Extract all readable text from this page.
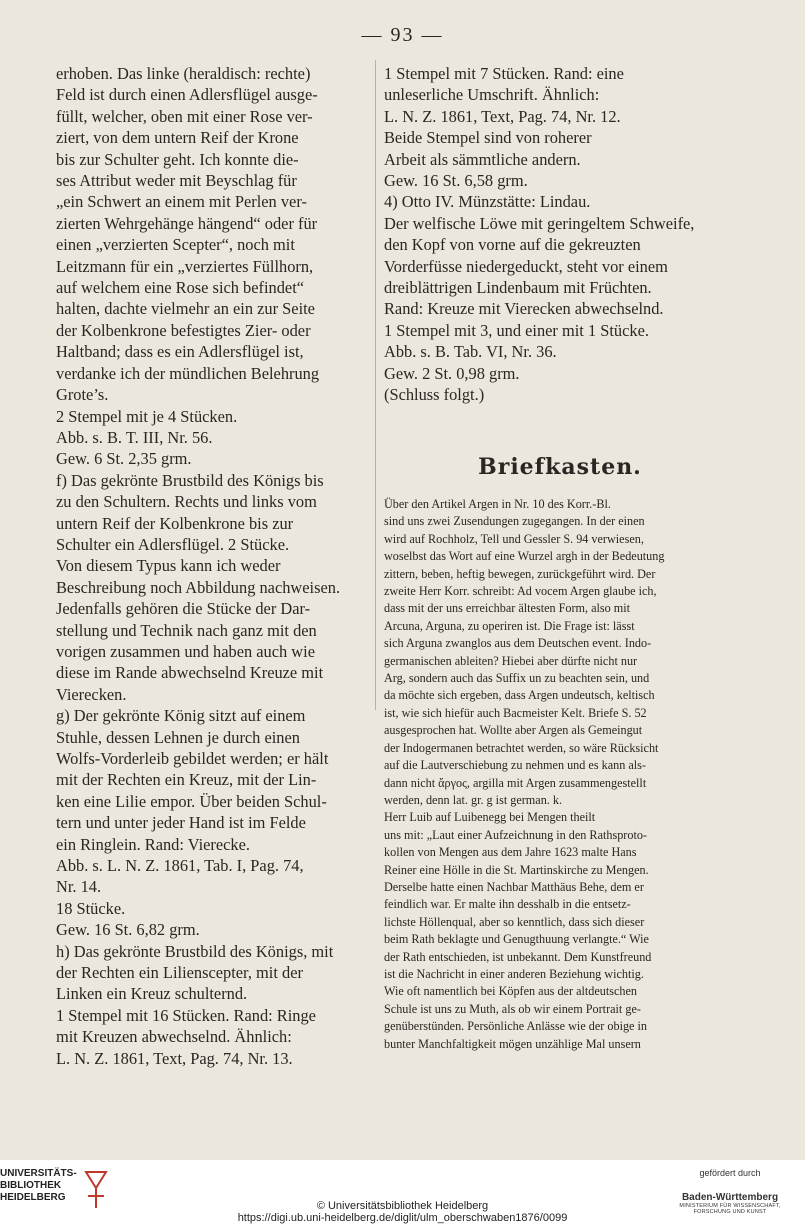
— 93 —
erhoben. Das linke (heraldisch: rechte)
Feld ist durch einen Adlersflügel ausge-
füllt, welcher, oben mit einer Rose ver-
ziert, von dem untern Reif der Krone
bis zur Schulter geht. Ich konnte die-
ses Attribut weder mit Beyschlag für
„ein Schwert an einem mit Perlen ver-
zierten Wehrgehänge hängend“ oder für
einen „verzierten Scepter“, noch mit
Leitzmann für ein „verziertes Füllhorn,
auf welchem eine Rose sich befindet“
halten, dachte vielmehr an ein zur Seite
der Kolbenkrone befestigtes Zier- oder
Haltband; dass es ein Adlersflügel ist,
verdanke ich der mündlichen Belehrung
Grote’s.
2 Stempel mit je 4 Stücken.
Abb. s. B. T. III, Nr. 56.
Gew. 6 St. 2,35 grm.
f) Das gekrönte Brustbild des Königs bis
zu den Schultern. Rechts und links vom
untern Reif der Kolbenkrone bis zur
Schulter ein Adlersflügel. 2 Stücke.
Von diesem Typus kann ich weder
Beschreibung noch Abbildung nachweisen.
Jedenfalls gehören die Stücke der Dar-
stellung und Technik nach ganz mit den
vorigen zusammen und haben auch wie
diese im Rande abwechselnd Kreuze mit
Vierecken.
g) Der gekrönte König sitzt auf einem
Stuhle, dessen Lehnen je durch einen
Wolfs-Vorderleib gebildet werden; er hält
mit der Rechten ein Kreuz, mit der Lin-
ken eine Lilie empor. Über beiden Schul-
tern und unter jeder Hand ist im Felde
ein Ringlein. Rand: Vierecke.
Abb. s. L. N. Z. 1861, Tab. I, Pag. 74,
Nr. 14.
18 Stücke.
Gew. 16 St. 6,82 grm.
h) Das gekrönte Brustbild des Königs, mit
der Rechten ein Lilienscepter, mit der
Linken ein Kreuz schulternd.
1 Stempel mit 16 Stücken. Rand: Ringe
mit Kreuzen abwechselnd. Ähnlich:
L. N. Z. 1861, Text, Pag. 74, Nr. 13.
1 Stempel mit 7 Stücken. Rand: eine
unleserliche Umschrift. Ähnlich:
L. N. Z. 1861, Text, Pag. 74, Nr. 12.
Beide Stempel sind von roherer
Arbeit als sämmtliche andern.
Gew. 16 St. 6,58 grm.
4) Otto IV. Münzstätte: Lindau.
Der welfische Löwe mit geringeltem Schweife,
den Kopf von vorne auf die gekreuzten
Vorderfüsse niedergeduckt, steht vor einem
dreiblättrigen Lindenbaum mit Früchten.
Rand: Kreuze mit Vierecken abwechselnd.
1 Stempel mit 3, und einer mit 1 Stücke.
Abb. s. B. Tab. VI, Nr. 36.
Gew. 2 St. 0,98 grm.
(Schluss folgt.)
Briefkasten.
Über den Artikel Argen in Nr. 10 des Korr.-Bl.
sind uns zwei Zusendungen zugegangen. In der einen
wird auf Rochholz, Tell und Gessler S. 94 verwiesen,
woselbst das Wort auf eine Wurzel argh in der Bedeutung
zittern, beben, heftig bewegen, zurückgeführt wird. Der
zweite Herr Korr. schreibt: Ad vocem Argen glaube ich,
dass mit der uns erreichbar ältesten Form, also mit
Arcuna, Arguna, zu operiren ist. Die Frage ist: lässt
sich Arguna zwanglos aus dem Deutschen event. Indo-
germanischen ableiten? Hiebei aber dürfte nicht nur
Arg, sondern auch das Suffix un zu beachten sein, und
da möchte sich ergeben, dass Argen undeutsch, keltisch
ist, wie sich hiefür auch Bacmeister Kelt. Briefe S. 52
ausgesprochen hat. Wollte aber Argen als Gemeingut
der Indogermanen betrachtet werden, so wäre Rücksicht
auf die Lautverschiebung zu nehmen und es kann als-
dann nicht ἄργος, argilla mit Argen zusammengestellt
werden, denn lat. gr. g ist german. k.
Herr Luib auf Luibenegg bei Mengen theilt
uns mit: „Laut einer Aufzeichnung in den Rathsproto-
kollen von Mengen aus dem Jahre 1623 malte Hans
Reiner eine Hölle in die St. Martinskirche zu Mengen.
Derselbe hatte einen Nachbar Matthäus Behe, dem er
feindlich war. Er malte ihn desshalb in die entsetz-
lichste Höllenqual, aber so kenntlich, dass sich dieser
beim Rath beklagte und Genugthuung verlangte.“ Wie
der Rath entschieden, ist unbekannt. Dem Kunstfreund
ist die Nachricht in einer anderen Beziehung wichtig.
Wie oft namentlich bei Köpfen aus der altdeutschen
Schule ist uns zu Muth, als ob wir einem Portrait ge-
genüberstünden. Persönliche Anlässe wie der obige in
bunter Manchfaltigkeit mögen unzählige Mal unsern
UNIVERSITÄTS-
BIBLIOTHEK
HEIDELBERG
© Universitätsbibliothek Heidelberg
https://digi.ub.uni-heidelberg.de/diglit/ulm_oberschwaben1876/0099
gefördert durch
Baden-Württemberg
MINISTERIUM FÜR WISSENSCHAFT, FORSCHUNG UND KUNST
